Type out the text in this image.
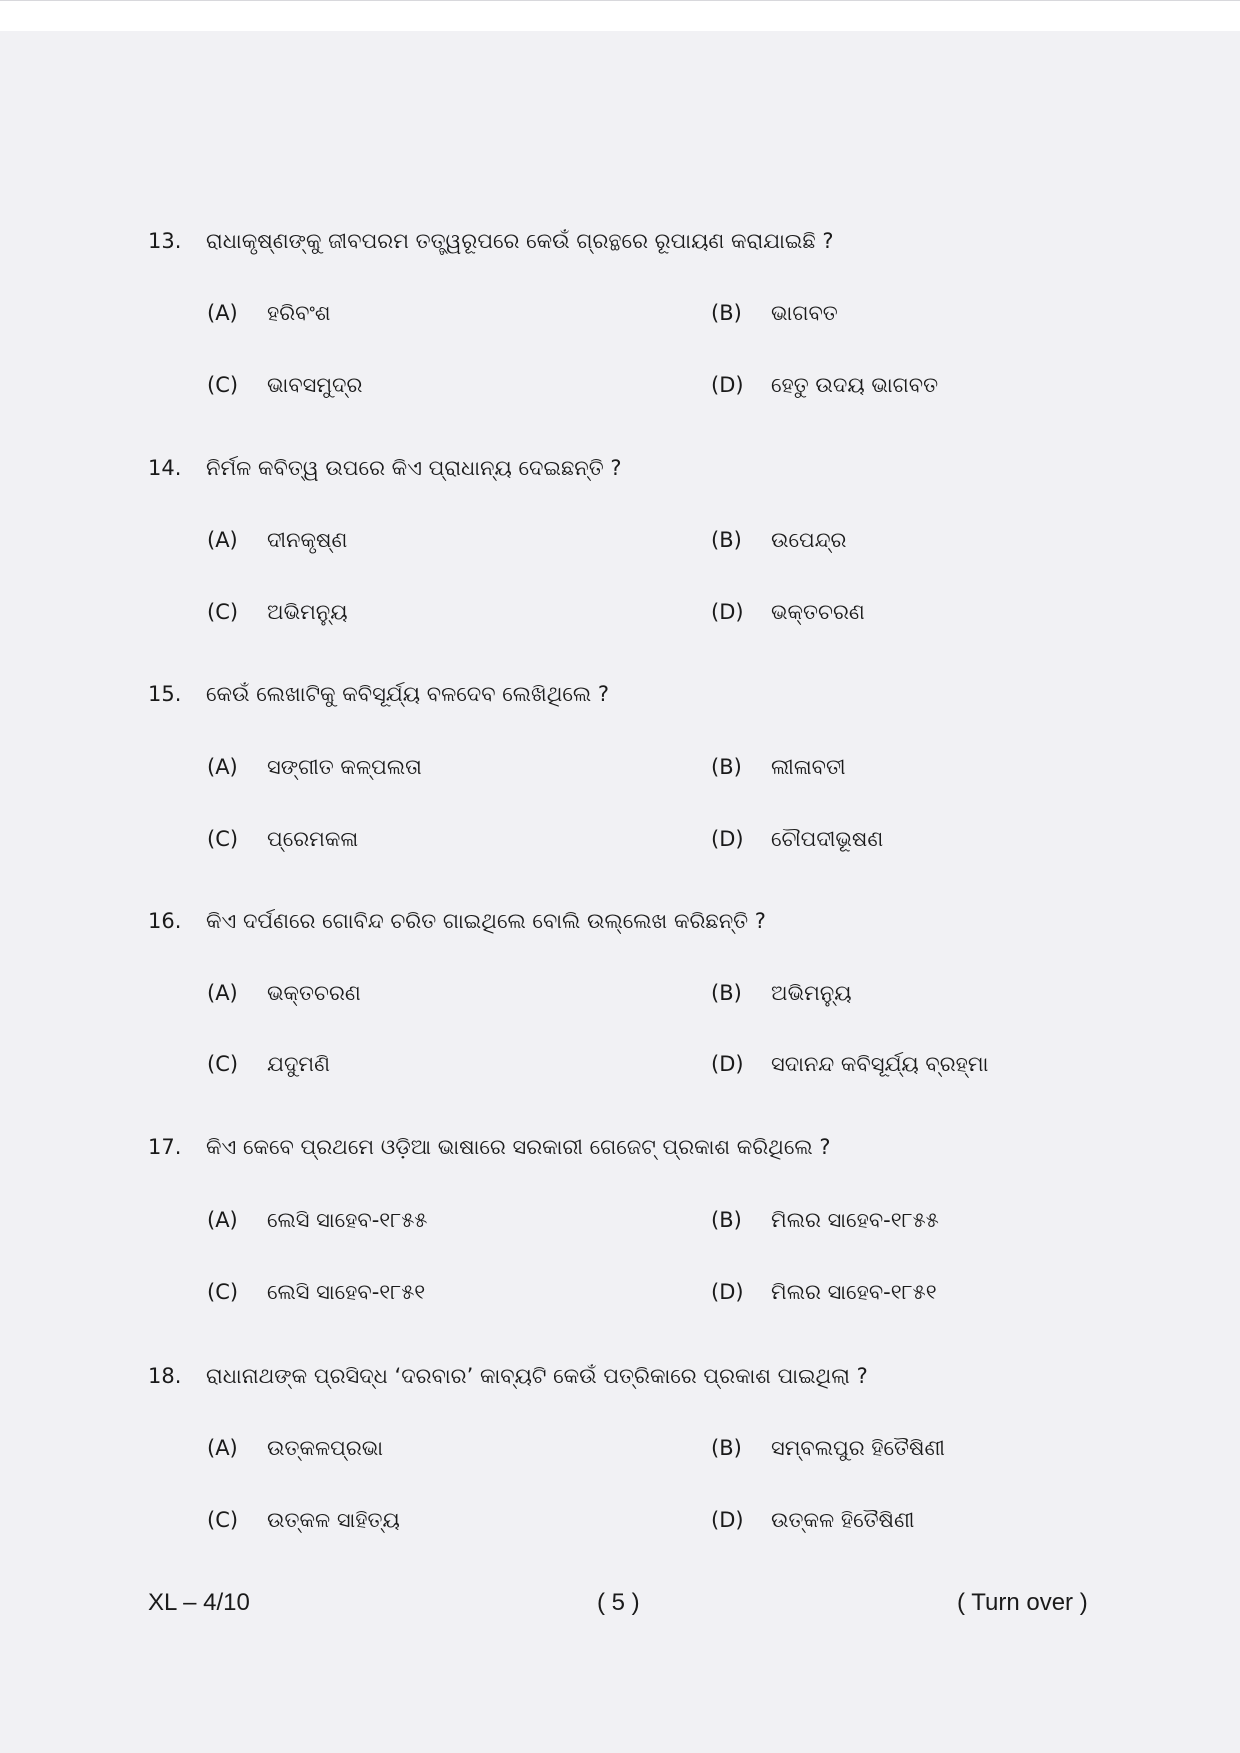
13. ରାଧାକୃଷ୍ଣଙ୍କୁ ଜୀବପରମ ତତ୍ତ୍ୱରୂପରେ କେଉଁ ଗ୍ରନ୍ଥରେ ରୂପାୟଣ କରାଯାଇଛି ?
(A) ହରିବଂଶ	(B) ଭାଗବତ
(C) ଭାବସମୁଦ୍ର	(D) ହେତୁ ଉଦୟ ଭାଗବତ
14. ନିର୍ମଳ କବିତ୍ୱ ଉପରେ କିଏ ପ୍ରାଧାନ୍ୟ ଦେଇଛନ୍ତି ?
(A) ଦୀନକୃଷ୍ଣ	(B) ଉପେନ୍ଦ୍ର
(C) ଅଭିମନ୍ୟୁ	(D) ଭକ୍ତଚରଣ
15. କେଉଁ ଲେଖାଟିକୁ କବିସୂର୍ଯ୍ୟ ବଳଦେବ ଲେଖିଥିଲେ ?
(A) ସଙ୍ଗୀତ କଳ୍ପଲତା	(B) ଲୀଳାବତୀ
(C) ପ୍ରେମକଳା	(D) ଚୌପଦୀଭୂଷଣ
16. କିଏ ଦର୍ପଣରେ ଗୋବିନ୍ଦ ଚରିତ ଗାଇଥିଲେ ବୋଲି ଉଲ୍ଲେଖ କରିଛନ୍ତି ?
(A) ଭକ୍ତଚରଣ	(B) ଅଭିମନ୍ୟୁ
(C) ଯଦୁମଣି	(D) ସଦାନନ୍ଦ କବିସୂର୍ଯ୍ୟ ବ୍ରହ୍ମା
17. କିଏ କେବେ ପ୍ରଥମେ ଓଡ଼ିଆ ଭାଷାରେ ସରକାରୀ ଗେଜେଟ୍ ପ୍ରକାଶ କରିଥିଲେ ?
(A) ଲେସି ସାହେବ-୧୮୫୫	(B) ମିଲର ସାହେବ-୧୮୫୫
(C) ଲେସି ସାହେବ-୧୮୫୧	(D) ମିଲର ସାହେବ-୧୮୫୧
18. ରାଧାନାଥଙ୍କ ପ୍ରସିଦ୍ଧ ‘ଦରବାର’ କାବ୍ୟଟି କେଉଁ ପତ୍ରିକାରେ ପ୍ରକାଶ ପାଇଥିଲା ?
(A) ଉତ୍କଳପ୍ରଭା	(B) ସମ୍ବଲପୁର ହିତୈଷିଣୀ
(C) ଉତ୍କଳ ସାହିତ୍ୟ	(D) ଉତ୍କଳ ହିତୈଷିଣୀ
XL – 4/10	( 5 )	( Turn over )
